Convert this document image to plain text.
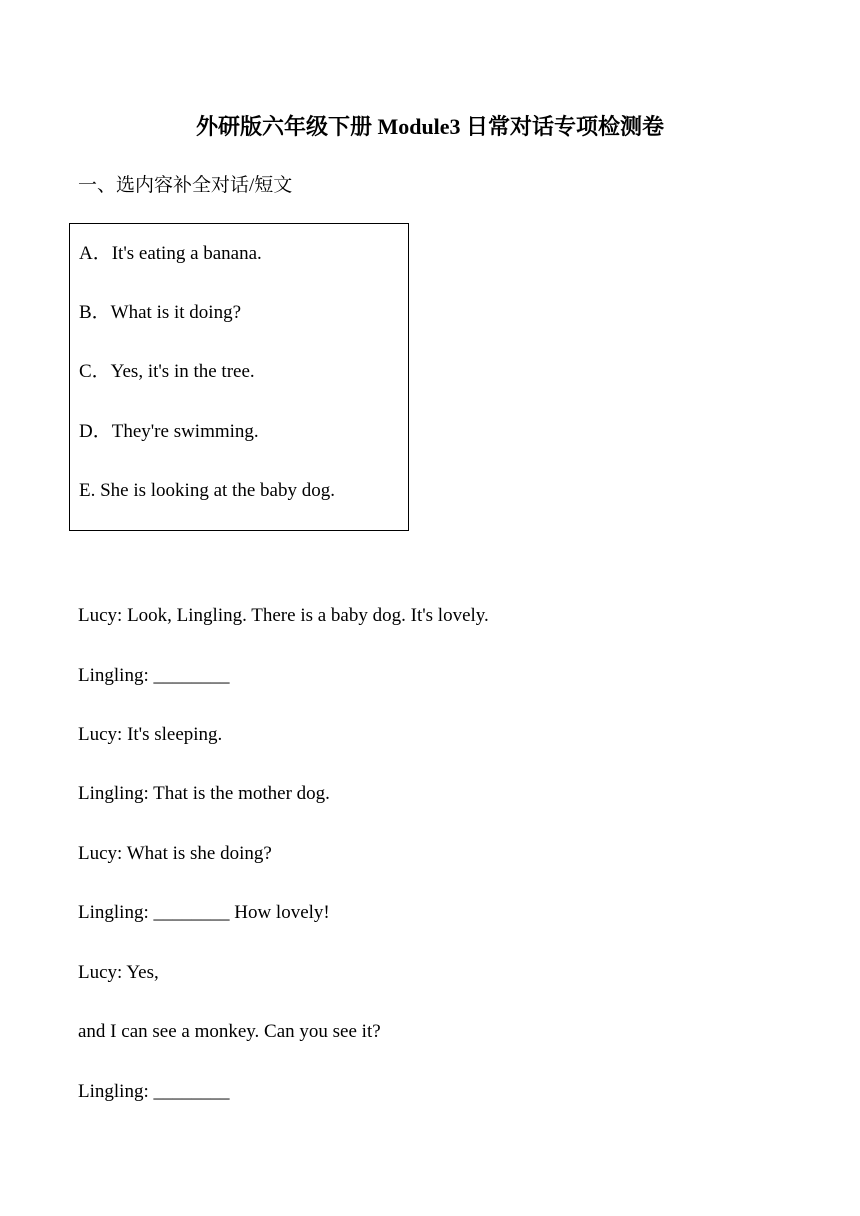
外研版六年级下册 Module3 日常对话专项检测卷
一、选内容补全对话/短文
A．It's eating a banana.
B．What is it doing?
C．Yes, it's in the tree.
D．They're swimming.
E. She is looking at the baby dog.
Lucy: Look, Lingling. There is a baby dog. It's lovely.
Lingling: ________
Lucy: It's sleeping.
Lingling: That is the mother dog.
Lucy: What is she doing?
Lingling: ________ How lovely!
Lucy: Yes,
and I can see a monkey. Can you see it?
Lingling: ________
